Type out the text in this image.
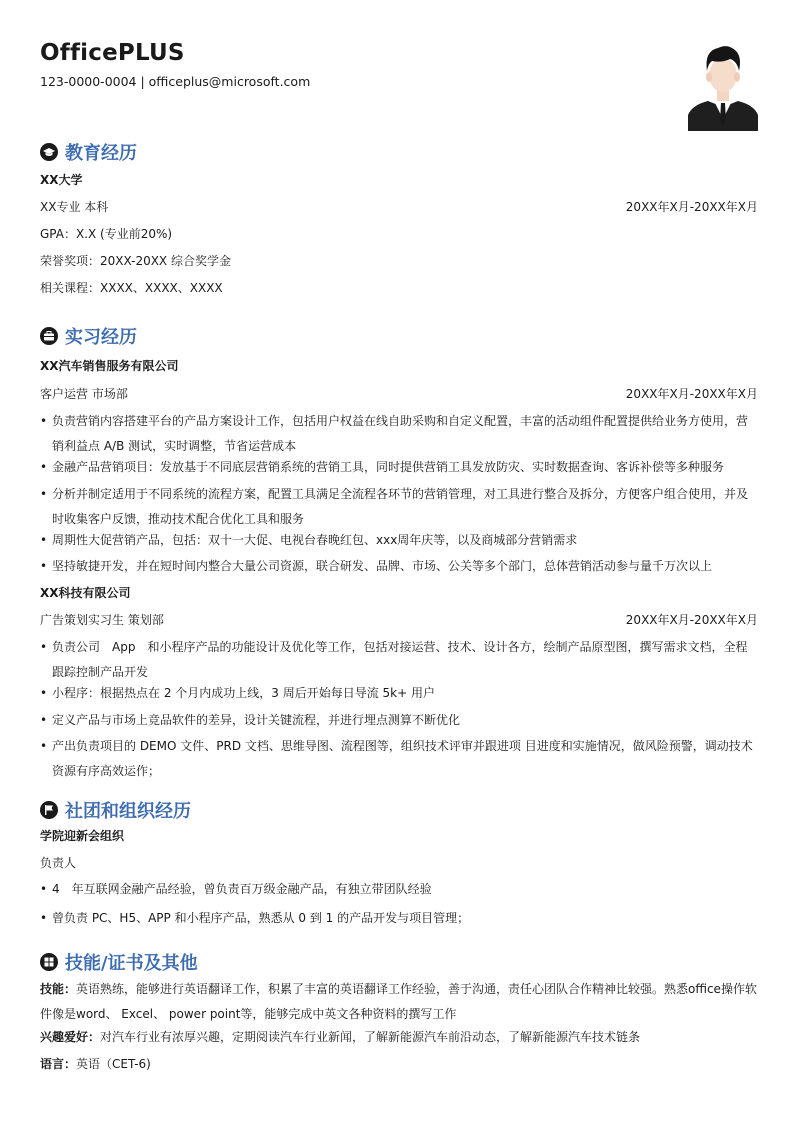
OfficePLUS
123-0000-0004 | officeplus@microsoft.com
教育经历
XX大学
XX专业 本科	20XX年X月-20XX年X月
GPA：X.X (专业前20%)
荣誉奖项：20XX-20XX 综合奖学金
相关课程：XXXX、XXXX、XXXX
实习经历
XX汽车销售服务有限公司
客户运营 市场部	20XX年X月-20XX年X月
• 负责营销内容搭建平台的产品方案设计工作，包括用户权益在线自助采购和自定义配置，丰富的活动组件配置提供给业务方使用，营销利益点 A/B 测试，实时调整，节省运营成本
• 金融产品营销项目：发放基于不同底层营销系统的营销工具，同时提供营销工具发放防灾、实时数据查询、客诉补偿等多种服务
• 分析并制定适用于不同系统的流程方案，配置工具满足全流程各环节的营销管理，对工具进行整合及拆分，方便客户组合使用，并及时收集客户反馈，推动技术配合优化工具和服务
• 周期性大促营销产品，包括：双十一大促、电视台春晚红包、xxx周年庆等，以及商城部分营销需求
• 坚持敏捷开发，并在短时间内整合大量公司资源，联合研发、品牌、市场、公关等多个部门，总体营销活动参与量千万次以上
XX科技有限公司
广告策划实习生 策划部	20XX年X月-20XX年X月
• 负责公司　App　和小程序产品的功能设计及优化等工作，包括对接运营、技术、设计各方，绘制产品原型图，撰写需求文档，全程跟踪控制产品开发
• 小程序：根据热点在 2 个月内成功上线，3 周后开始每日导流 5k+ 用户
• 定义产品与市场上竞品软件的差异，设计关键流程，并进行埋点测算不断优化
• 产出负责项目的 DEMO 文件、PRD 文档、思维导图、流程图等，组织技术评审并跟进项 目进度和实施情况，做风险预警，调动技术资源有序高效运作；
社团和组织经历
学院迎新会组织
负责人
• 4　年互联网金融产品经验，曾负责百万级金融产品，有独立带团队经验
• 曾负责 PC、H5、APP 和小程序产品，熟悉从 0 到 1 的产品开发与项目管理；
技能/证书及其他
技能：英语熟练，能够进行英语翻译工作，积累了丰富的英语翻译工作经验，善于沟通，责任心团队合作精神比较强。熟悉office操作软件像是word、 Excel、 power point等，能够完成中英文各种资料的撰写工作
兴趣爱好：对汽车行业有浓厚兴趣，定期阅读汽车行业新闻，了解新能源汽车前沿动态，了解新能源汽车技术链条
语言：英语（CET-6)
